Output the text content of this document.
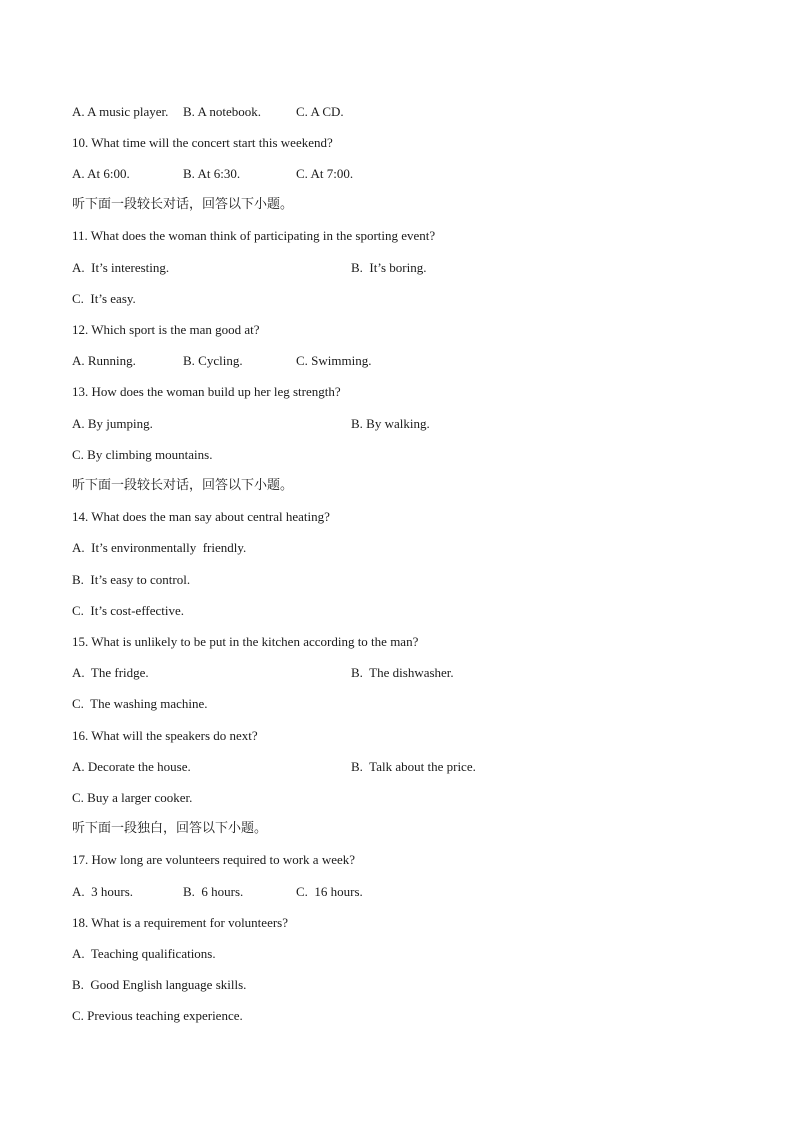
A. A music player. B. A notebook.	C. A CD.
10. What time will the concert start this weekend?
A. At 6:00.	B. At 6:30.	C. At 7:00.
听下面一段较长对话，回答以下小题。
11. What does the woman think of participating in the sporting event?
A.  It’s interesting.	B.  It’s boring.
C.  It’s easy.
12. Which sport is the man good at?
A. Running.	B. Cycling.	C. Swimming.
13. How does the woman build up her leg strength?
A. By jumping.	B. By walking.
C. By climbing mountains.
听下面一段较长对话，回答以下小题。
14. What does the man say about central heating?
A.  It’s environmentally  friendly.
B.  It’s easy to control.
C.  It’s cost-effective.
15. What is unlikely to be put in the kitchen according to the man?
A.  The fridge.	B.  The dishwasher.
C.  The washing machine.
16. What will the speakers do next?
A. Decorate the house.	B.  Talk about the price.
C. Buy a larger cooker.
听下面一段独白，回答以下小题。
17. How long are volunteers required to work a week?
A.  3 hours.	B.  6 hours.	C.  16 hours.
18. What is a requirement for volunteers?
A.  Teaching qualifications.
B.  Good English language skills.
C. Previous teaching experience.
